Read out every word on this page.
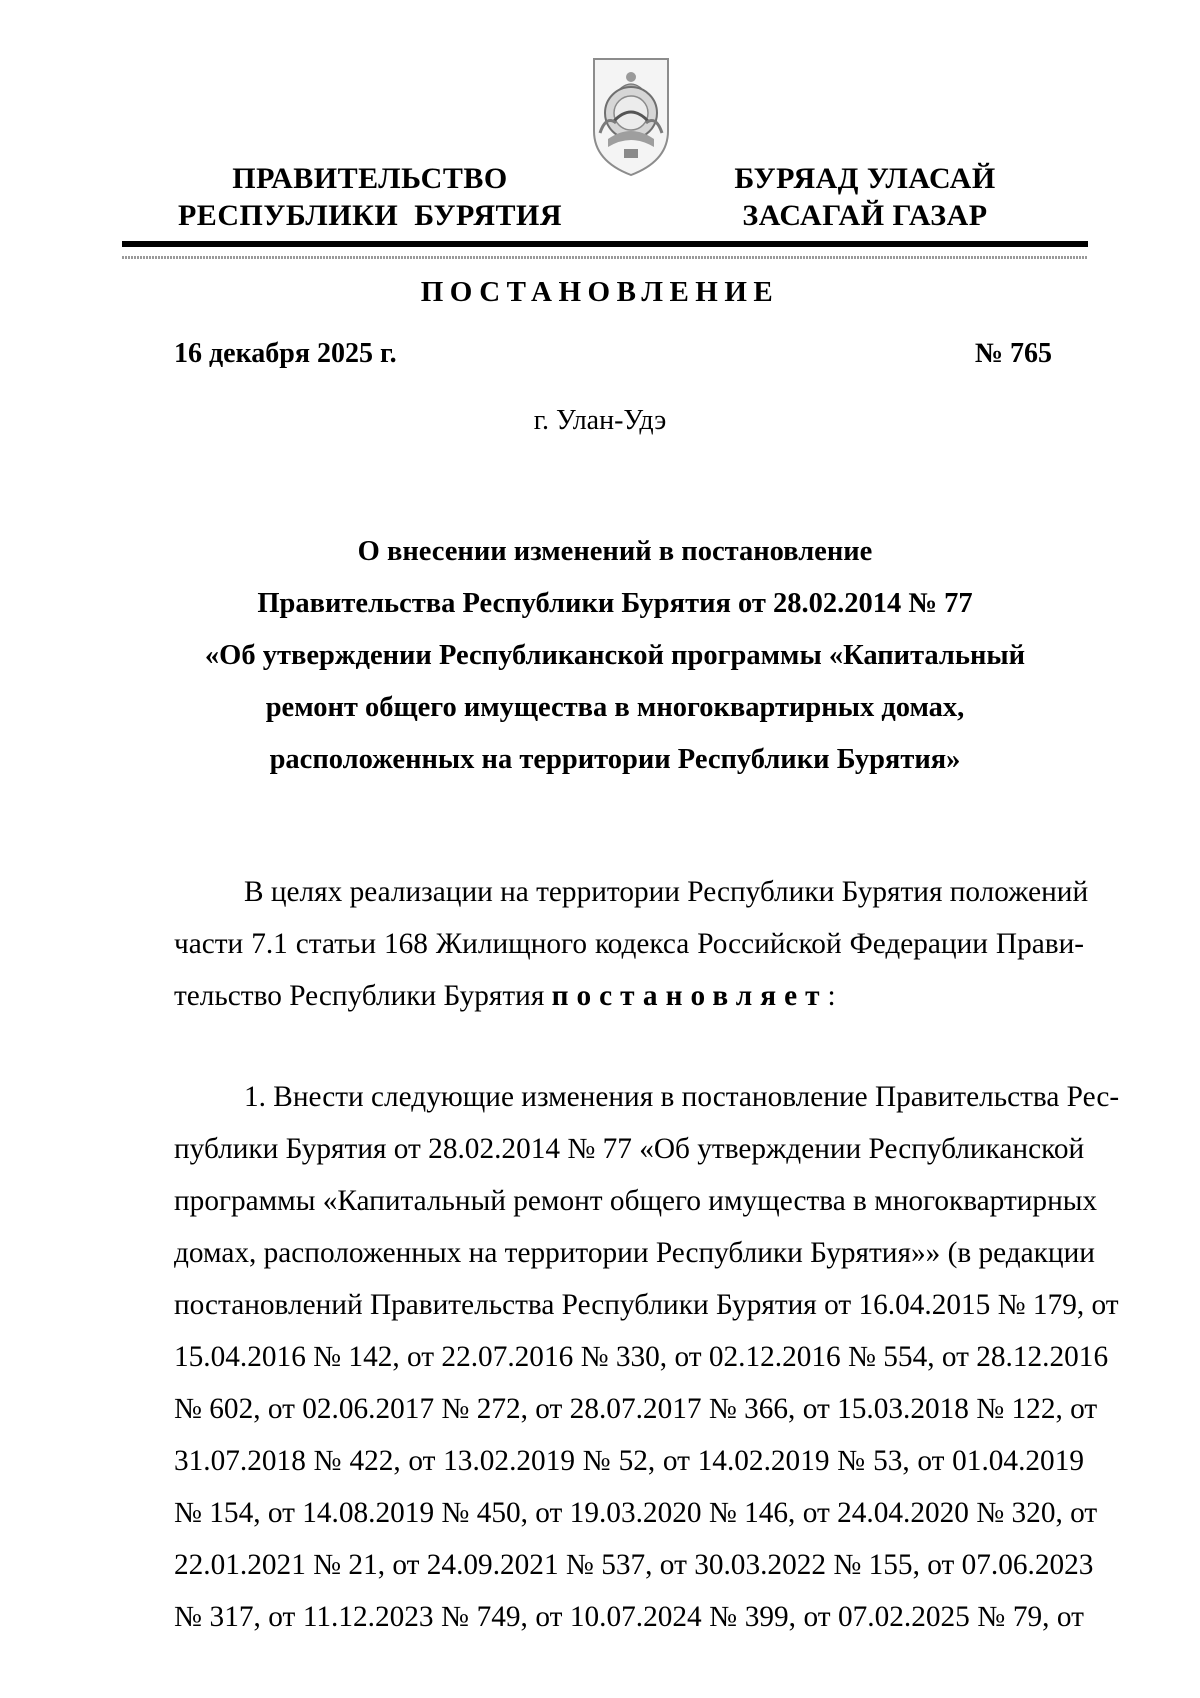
ПРАВИТЕЛЬСТВО
РЕСПУБЛИКИ  БУРЯТИЯ
БУРЯАД УЛАСАЙ
ЗАСАГАЙ ГАЗАР
ПОСТАНОВЛЕНИЕ
16 декабря 2025 г.	№ 765
г. Улан-Удэ
О внесении изменений в постановление
Правительства Республики Бурятия от 28.02.2014 № 77
«Об утверждении Республиканской программы «Капитальный
ремонт общего имущества в многоквартирных домах,
расположенных на территории Республики Бурятия»
В целях реализации на территории Республики Бурятия положений
части 7.1 статьи 168 Жилищного кодекса Российской Федерации Прави-
тельство Республики Бурятия постановляет:
1. Внести следующие изменения в постановление Правительства Рес-
публики Бурятия от 28.02.2014 № 77 «Об утверждении Республиканской
программы «Капитальный ремонт общего имущества в многоквартирных
домах, расположенных на территории Республики Бурятия»» (в редакции
постановлений Правительства Республики Бурятия от 16.04.2015 № 179, от
15.04.2016 № 142, от 22.07.2016 № 330, от 02.12.2016 № 554, от 28.12.2016
№ 602, от 02.06.2017 № 272, от 28.07.2017 № 366, от 15.03.2018 № 122, от
31.07.2018 № 422, от 13.02.2019 № 52, от 14.02.2019 № 53, от 01.04.2019
№ 154, от 14.08.2019 № 450, от 19.03.2020 № 146, от 24.04.2020 № 320, от
22.01.2021 № 21, от 24.09.2021 № 537, от 30.03.2022 № 155, от 07.06.2023
№ 317, от 11.12.2023 № 749, от 10.07.2024 № 399, от 07.02.2025 № 79, от
